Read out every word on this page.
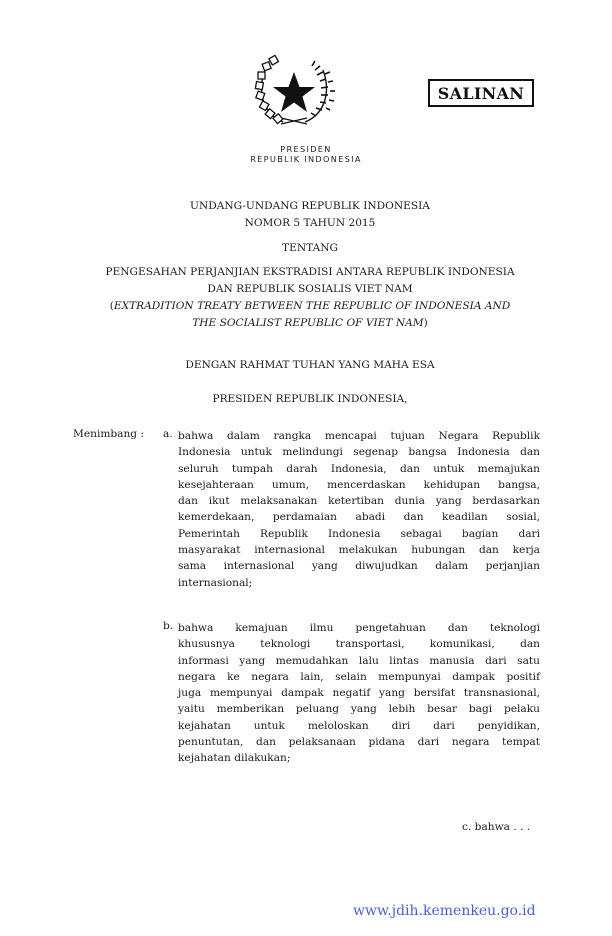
PRESIDEN
REPUBLIK INDONESIA
SALINAN
UNDANG-UNDANG REPUBLIK INDONESIA
NOMOR 5 TAHUN 2015
TENTANG
PENGESAHAN PERJANJIAN EKSTRADISI ANTARA REPUBLIK INDONESIA
DAN REPUBLIK SOSIALIS VIET NAM
(EXTRADITION TREATY BETWEEN THE REPUBLIC OF INDONESIA AND
THE SOCIALIST REPUBLIC OF VIET NAM)
DENGAN RAHMAT TUHAN YANG MAHA ESA
PRESIDEN REPUBLIK INDONESIA,
Menimbang : a. bahwa dalam rangka mencapai tujuan Negara Republik
Indonesia untuk melindungi segenap bangsa Indonesia dan
seluruh tumpah darah Indonesia, dan untuk memajukan
kesejahteraan umum, mencerdaskan kehidupan bangsa,
dan ikut melaksanakan ketertiban dunia yang berdasarkan
kemerdekaan, perdamaian abadi dan keadilan sosial,
Pemerintah Republik Indonesia sebagai bagian dari
masyarakat internasional melakukan hubungan dan kerja
sama internasional yang diwujudkan dalam perjanjian
internasional;
b. bahwa kemajuan ilmu pengetahuan dan teknologi
khususnya teknologi transportasi, komunikasi, dan
informasi yang memudahkan lalu lintas manusia dari satu
negara ke negara lain, selain mempunyai dampak positif
juga mempunyai dampak negatif yang bersifat transnasional,
yaitu memberikan peluang yang lebih besar bagi pelaku
kejahatan untuk meloloskan diri dari penyidikan,
penuntutan, dan pelaksanaan pidana dari negara tempat
kejahatan dilakukan;
c. bahwa . . .
www.jdih.kemenkeu.go.id
